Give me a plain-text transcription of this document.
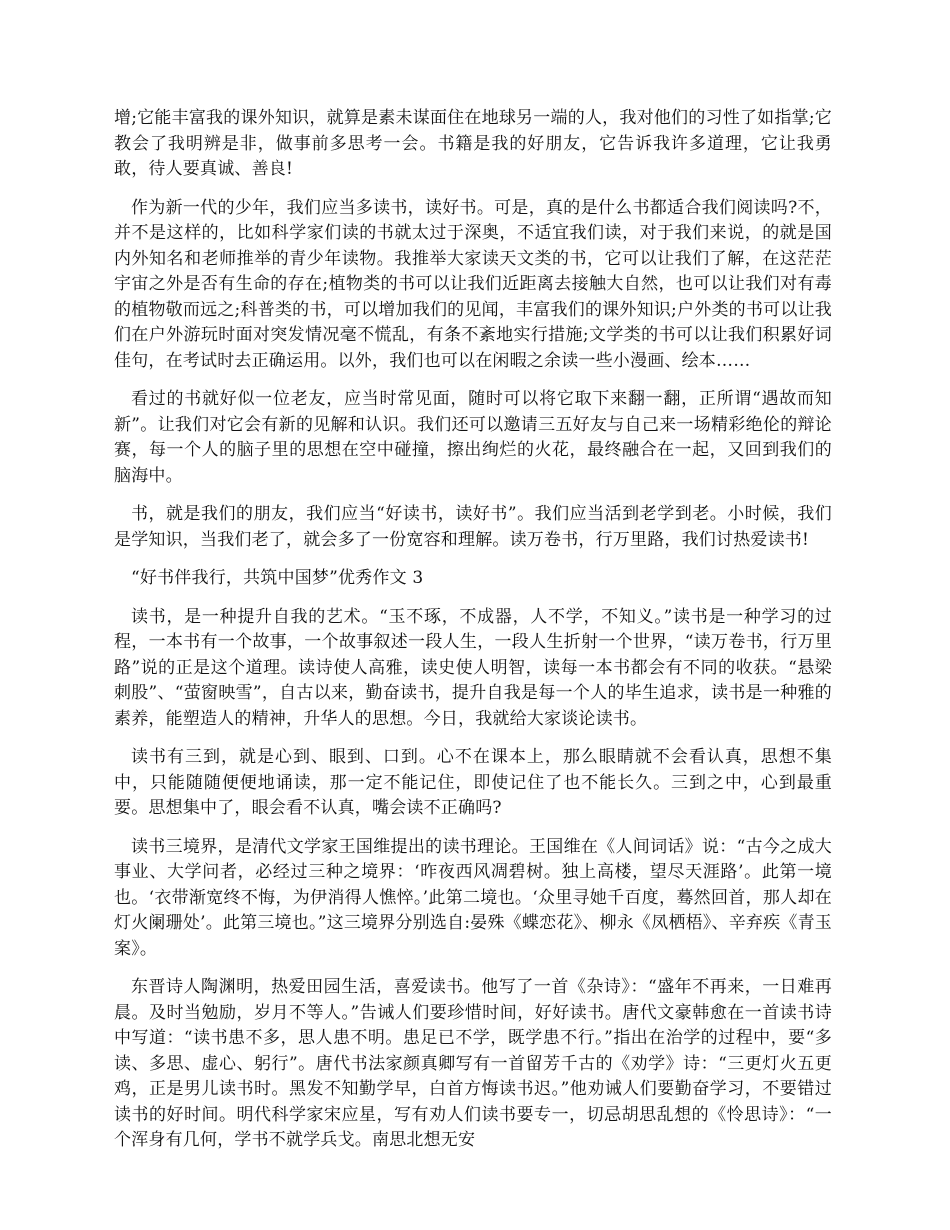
增;它能丰富我的课外知识，就算是素未谋面住在地球另一端的人，我对他们的习性了如指掌;它教会了我明辨是非，做事前多思考一会。书籍是我的好朋友，它告诉我许多道理，它让我勇敢，待人要真诚、善良!

作为新一代的少年，我们应当多读书，读好书。可是，真的是什么书都适合我们阅读吗?不，并不是这样的，比如科学家们读的书就太过于深奥，不适宜我们读，对于我们来说，的就是国内外知名和老师推举的青少年读物。我推举大家读天文类的书，它可以让我们了解，在这茫茫宇宙之外是否有生命的存在;植物类的书可以让我们近距离去接触大自然，也可以让我们对有毒的植物敬而远之;科普类的书，可以增加我们的见闻，丰富我们的课外知识;户外类的书可以让我们在户外游玩时面对突发情况毫不慌乱，有条不紊地实行措施;文学类的书可以让我们积累好词佳句，在考试时去正确运用。以外，我们也可以在闲暇之余读一些小漫画、绘本……

看过的书就好似一位老友，应当时常见面，随时可以将它取下来翻一翻，正所谓“遇故而知新”。让我们对它会有新的见解和认识。我们还可以邀请三五好友与自己来一场精彩绝伦的辩论赛，每一个人的脑子里的思想在空中碰撞，擦出绚烂的火花，最终融合在一起，又回到我们的脑海中。

书，就是我们的朋友，我们应当“好读书，读好书”。我们应当活到老学到老。小时候，我们是学知识，当我们老了，就会多了一份宽容和理解。读万卷书，行万里路，我们讨热爱读书!

“好书伴我行，共筑中国梦”优秀作文 3

读书，是一种提升自我的艺术。“玉不琢，不成器，人不学，不知义。”读书是一种学习的过程，一本书有一个故事，一个故事叙述一段人生，一段人生折射一个世界，“读万卷书，行万里路”说的正是这个道理。读诗使人高雅，读史使人明智，读每一本书都会有不同的收获。“悬梁刺股”、“萤窗映雪”，自古以来，勤奋读书，提升自我是每一个人的毕生追求，读书是一种雅的素养，能塑造人的精神，升华人的思想。今日，我就给大家谈论读书。

读书有三到，就是心到、眼到、口到。心不在课本上，那么眼睛就不会看认真，思想不集中，只能随随便便地诵读，那一定不能记住，即使记住了也不能长久。三到之中，心到最重要。思想集中了，眼会看不认真，嘴会读不正确吗?

读书三境界，是清代文学家王国维提出的读书理论。王国维在《人间词话》说：“古今之成大事业、大学问者，必经过三种之境界：‘昨夜西风凋碧树。独上高楼，望尽天涯路’。此第一境也。‘衣带渐宽终不悔，为伊消得人憔悴。’此第二境也。‘众里寻她千百度，蓦然回首，那人却在灯火阑珊处’。此第三境也。”这三境界分别选自:晏殊《蝶恋花》、柳永《凤栖梧》、辛弃疾《青玉案》。

东晋诗人陶渊明，热爱田园生活，喜爱读书。他写了一首《杂诗》：“盛年不再来，一日难再晨。及时当勉励，岁月不等人。”告诫人们要珍惜时间，好好读书。唐代文豪韩愈在一首读书诗中写道：“读书患不多，思人患不明。患足已不学，既学患不行。”指出在治学的过程中，要“多读、多思、虚心、躬行”。唐代书法家颜真卿写有一首留芳千古的《劝学》诗：“三更灯火五更鸡，正是男儿读书时。黑发不知勤学早，白首方悔读书迟。”他劝诫人们要勤奋学习，不要错过读书的好时间。明代科学家宋应星，写有劝人们读书要专一，切忌胡思乱想的《怜思诗》：“一个浑身有几何，学书不就学兵戈。南思北想无安
